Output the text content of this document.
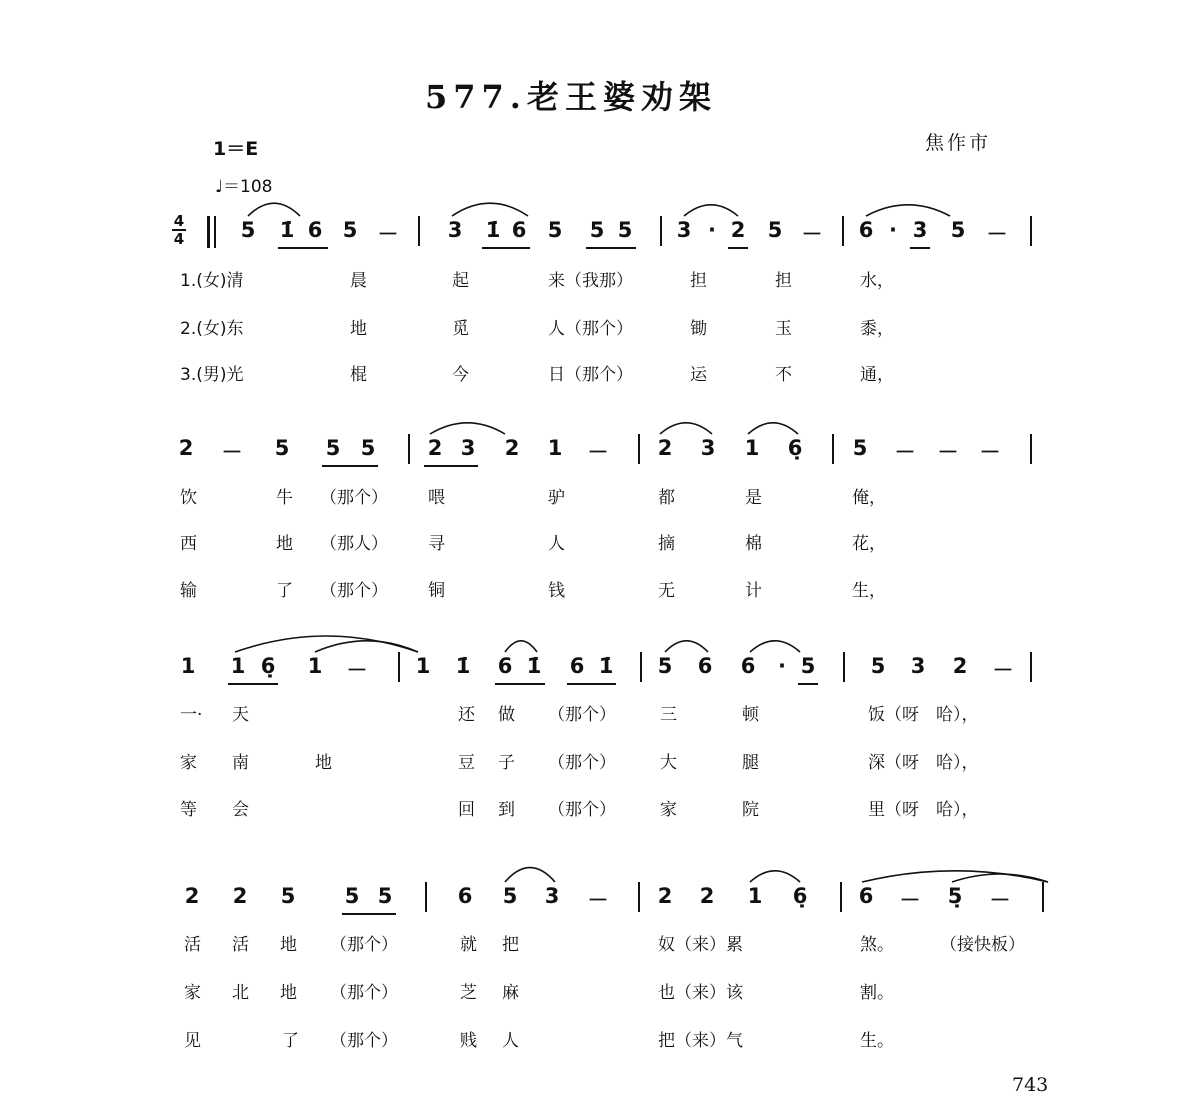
577.老王婆劝架
1＝E
♩＝108
焦作市
743
4
4	5 1̇ 6 5 － 3 1̇ 6 5 5 5 3 · 2 5 － 6 · 3 5 －
1.(女)清	晨	起	来（我那）	担	担	水，
2.(女)东	地	觅	人（那个）	锄	玉	黍，
3.(男)光	棍	今	日（那个）	运	不	通，
2 － 5 5 5 2 3 2 1 － 2 3 1 6̣ 5 － － －
饮	牛 （那个） 喂	驴	都	是	俺，
西	地 （那人） 寻	人	摘	棉	花，
输	了 （那个） 铜	钱	无	计	生，
1 1 6̣ 1 － 1 1̇ 6 1̇ 6 1̇ 5 6 6 · 5	5 3 2 －
一· 天	还 做 （那个）	三	顿	饭（呀　哈），
家 南	地	豆 子 （那个）	大	腿	深（呀　哈），
等 会	回 到 （那个）	家	院	里（呀　哈），
2 2 5 5 5	6 5 3 － 2 2 1 6̣ 6 － 5̣ －
活 活 地 （那个）	就 把	奴（来）累	煞。	（接快板）
家 北 地 （那个）	芝 麻	也（来）该	割。
见	了 （那个）	贱 人	把（来）气	生。
